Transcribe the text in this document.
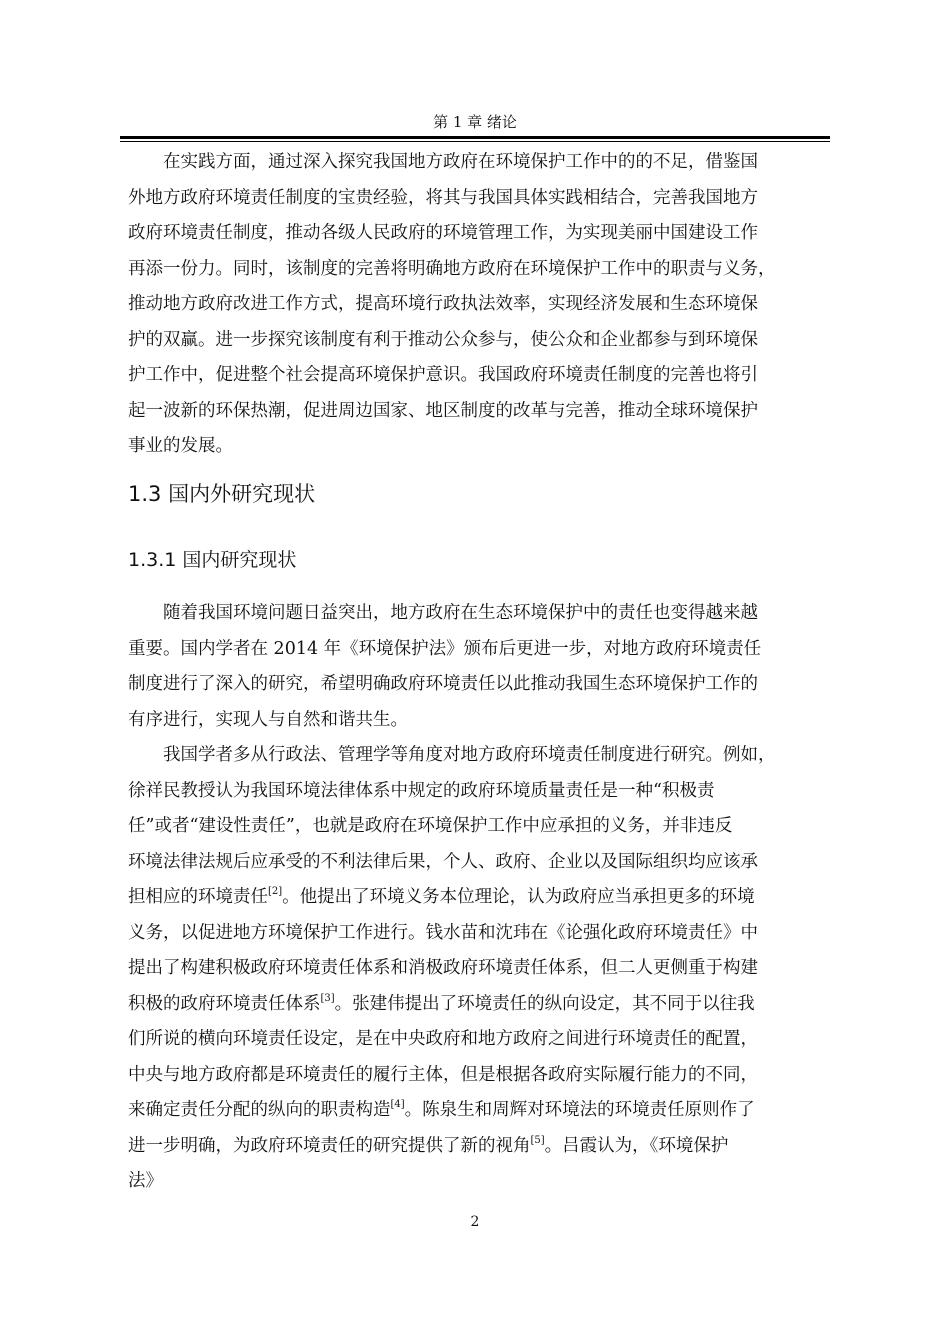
第 1 章 绪论

在实践方面，通过深入探究我国地方政府在环境保护工作中的的不足，借鉴国
外地方政府环境责任制度的宝贵经验，将其与我国具体实践相结合，完善我国地方
政府环境责任制度，推动各级人民政府的环境管理工作，为实现美丽中国建设工作
再添一份力。同时，该制度的完善将明确地方政府在环境保护工作中的职责与义务，
推动地方政府改进工作方式，提高环境行政执法效率，实现经济发展和生态环境保
护的双赢。进一步探究该制度有利于推动公众参与，使公众和企业都参与到环境保
护工作中，促进整个社会提高环境保护意识。我国政府环境责任制度的完善也将引
起一波新的环保热潮，促进周边国家、地区制度的改革与完善，推动全球环境保护
事业的发展。

1.3 国内外研究现状
1.3.1 国内研究现状

随着我国环境问题日益突出，地方政府在生态环境保护中的责任也变得越来越
重要。国内学者在 2014 年《环境保护法》颁布后更进一步，对地方政府环境责任
制度进行了深入的研究，希望明确政府环境责任以此推动我国生态环境保护工作的
有序进行，实现人与自然和谐共生。

我国学者多从行政法、管理学等角度对地方政府环境责任制度进行研究。例如，
徐祥民教授认为我国环境法律体系中规定的政府环境质量责任是一种“积极责
任”或者“建设性责任”，也就是政府在环境保护工作中应承担的义务，并非违反
环境法律法规后应承受的不利法律后果，个人、政府、企业以及国际组织均应该承
担相应的环境责任[2]。他提出了环境义务本位理论，认为政府应当承担更多的环境
义务，以促进地方环境保护工作进行。钱水苗和沈玮在《论强化政府环境责任》中
提出了构建积极政府环境责任体系和消极政府环境责任体系，但二人更侧重于构建
积极的政府环境责任体系[3]。张建伟提出了环境责任的纵向设定，其不同于以往我
们所说的横向环境责任设定，是在中央政府和地方政府之间进行环境责任的配置，
中央与地方政府都是环境责任的履行主体，但是根据各政府实际履行能力的不同，
来确定责任分配的纵向的职责构造[4]。陈泉生和周辉对环境法的环境责任原则作了
进一步明确，为政府环境责任的研究提供了新的视角[5]。吕霞认为，《环境保护
法》

2
